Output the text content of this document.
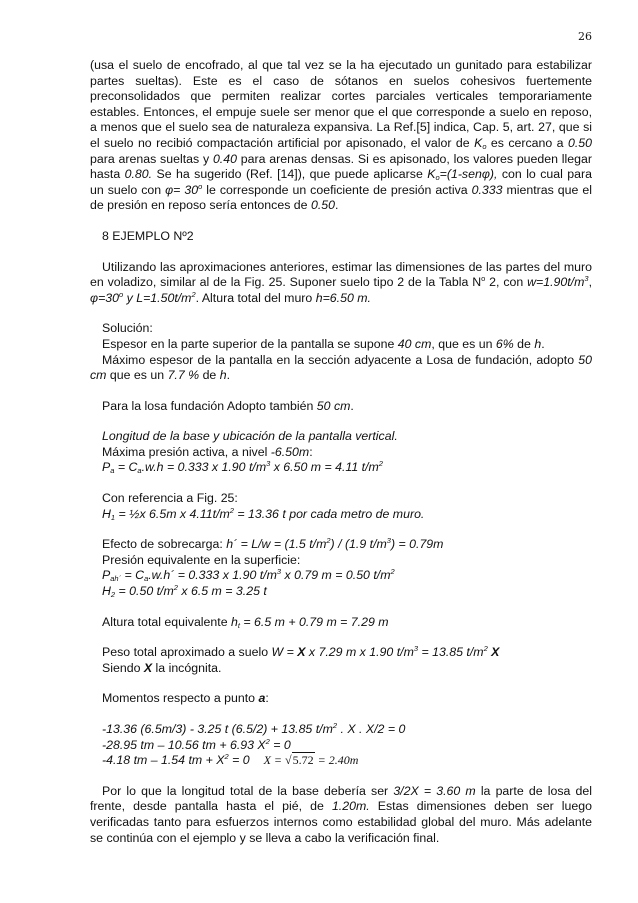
26

(usa el suelo de encofrado, al que tal vez se la ha ejecutado un gunitado para estabilizar partes sueltas). Este es el caso de sótanos en suelos cohesivos fuertemente preconsolidados que permiten realizar cortes parciales verticales temporariamente estables. Entonces, el empuje suele ser menor que el que corresponde a suelo en reposo, a menos que el suelo sea de naturaleza expansiva. La Ref.[5] indica, Cap. 5, art. 27, que si el suelo no recibió compactación artificial por apisonado, el valor de $K_o$ es cercano a 0.50 para arenas sueltas y 0.40 para arenas densas. Si es apisonado, los valores pueden llegar hasta 0.80. Se ha sugerido (Ref. [14]), que puede aplicarse $K_o=(1-sen\varphi)$, con lo cual para un suelo con $\varphi= 30^o$ le corresponde un coeficiente de presión activa 0.333 mientras que el de presión en reposo sería entonces de 0.50.

8 EJEMPLO Nº2

Utilizando las aproximaciones anteriores, estimar las dimensiones de las partes del muro en voladizo, similar al de la Fig. 25. Suponer suelo tipo 2 de la Tabla $N^o$ 2, con $w=1.90t/m^3$, $\varphi=30^o$ y $L=1.50t/m^2$. Altura total del muro h=6.50 m.

Solución:

Espesor en la parte superior de la pantalla se supone 40 cm, que es un 6% de h.

Máximo espesor de la pantalla en la sección adyacente a Losa de fundación, adopto 50 cm que es un 7.7 % de h.

Para la losa fundación Adopto también 50 cm.

Longitud de la base y ubicación de la pantalla vertical.

Máxima presión activa, a nivel -6.50m:

$P_a = C_a.w.h = 0.333$ x 1.90 $t/m^3$ x 6.50 m = 4.11 $t/m^2$

Con referencia a Fig. 25:

$H_1$ = ½x 6.5m x $4.11t/m^2 = 13.36$ t por cada metro de muro.

Efecto de sobrecarga: h´ = L/w = (1.5 $t/m^2) / (1.9$ $t/m^3) = 0.79m$

Presión equivalente en la superficie:

$P_{ah´}$ = $C_a.w.h´ = 0.333$ x 1.90 $t/m^3$ x 0.79 m = 0.50 $t/m^2$

$H_2 = 0.50$ $t/m^2$ x 6.5 m = 3.25 t

Altura total equivalente $h_t = 6.5$ m + 0.79 m = 7.29 m

Peso total aproximado a suelo W = X x 7.29 m x 1.90 $t/m^3 = 13.85$ $t/m^2$ X

Siendo X la incógnita.

Momentos respecto a punto a:

-13.36 (6.5m/3) - 3.25 t (6.5/2) + 13.85 $t/m^2$ . X . X/2 = 0

-28.95 tm – 10.56 tm + 6.93 $X^2 = 0$

-4.18 tm – 1.54 tm + $X^2 = 0$ X = √5.72 = 2.40m

Por lo que la longitud total de la base debería ser 3/2X = 3.60 m la parte de losa del frente, desde pantalla hasta el pié, de 1.20m. Estas dimensiones deben ser luego verificadas tanto para esfuerzos internos como estabilidad global del muro. Más adelante se continúa con el ejemplo y se lleva a cabo la verificación final.
